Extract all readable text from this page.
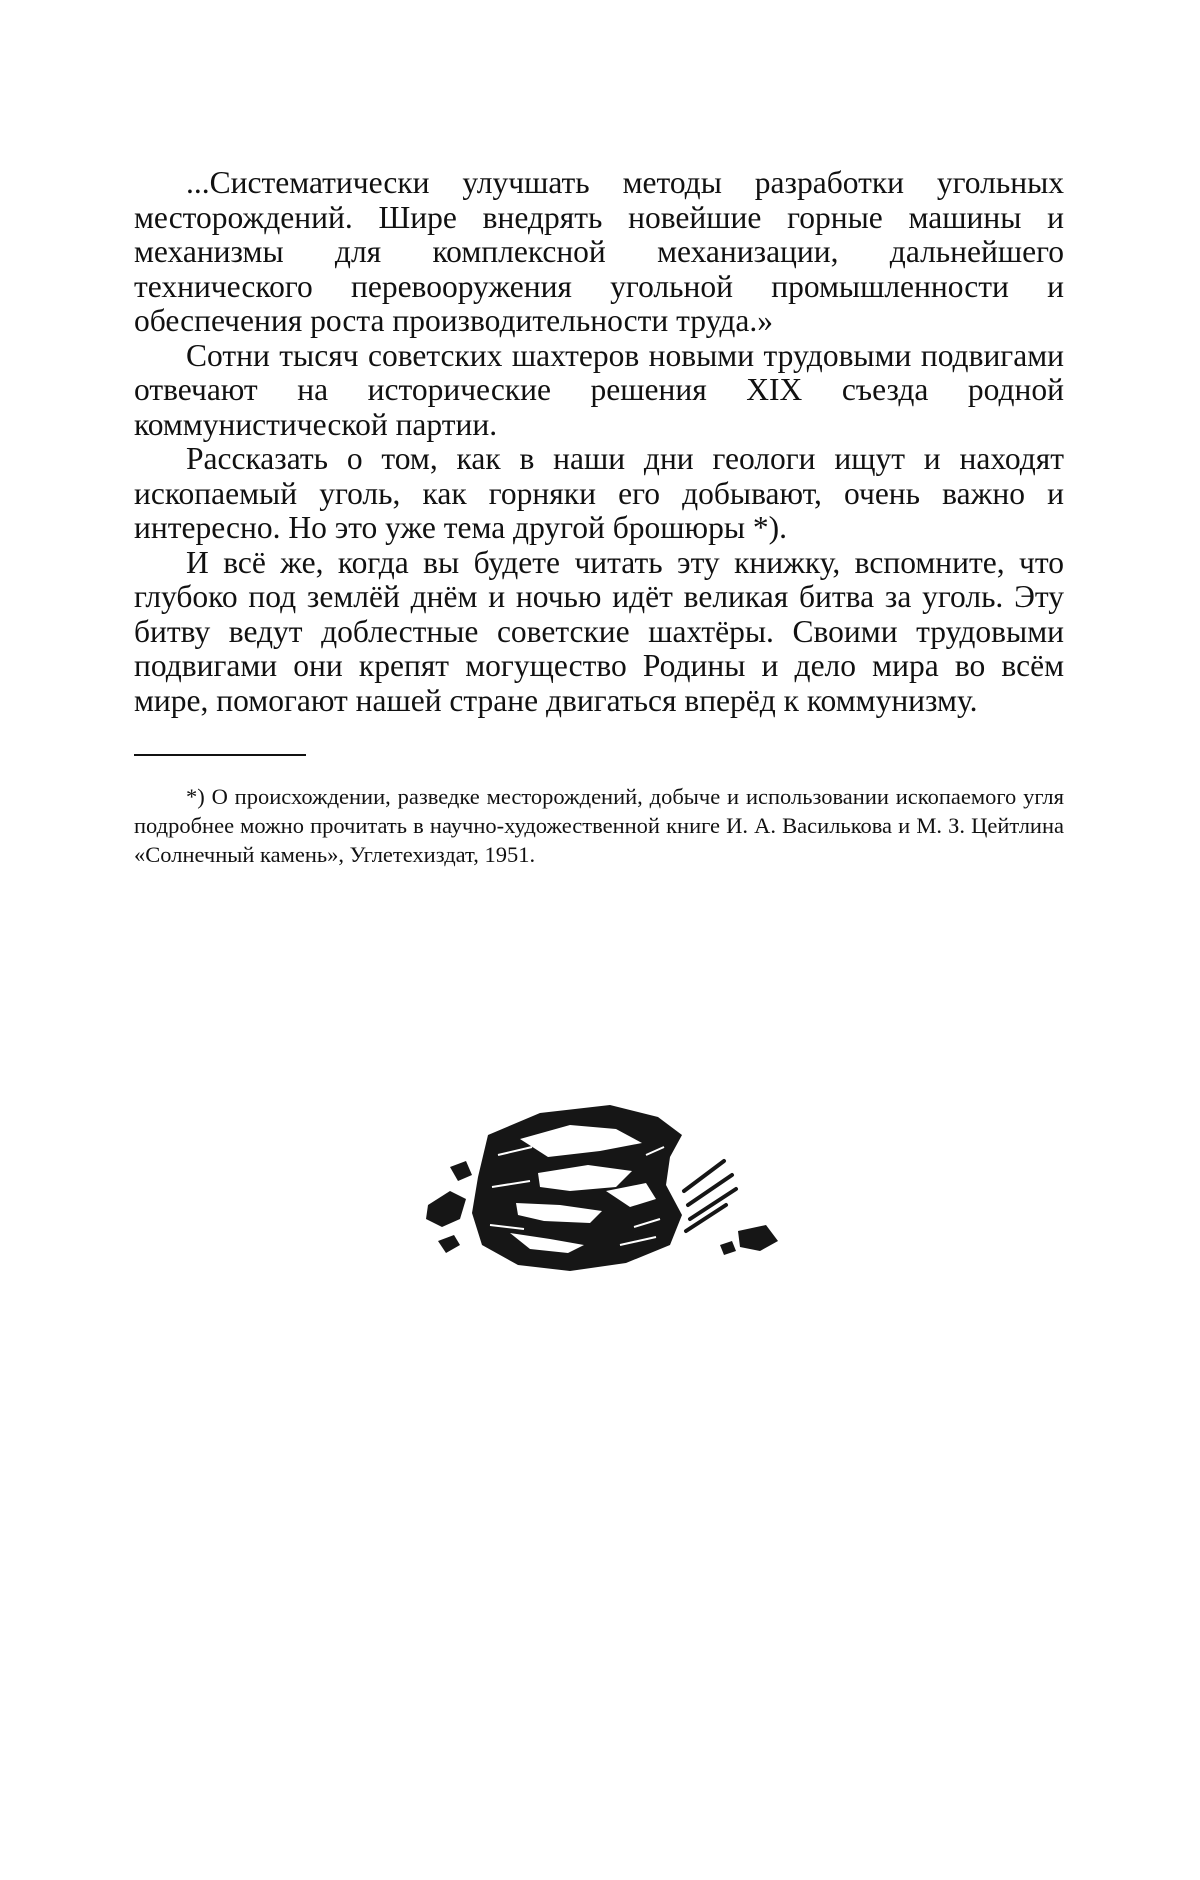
...Систематически улучшать методы разработки угольных месторождений. Шире внедрять новейшие горные машины и механизмы для комплексной механизации, дальнейшего технического перевооружения угольной промышленности и обеспечения роста производительности труда.»

Сотни тысяч советских шахтеров новыми трудовыми подвигами отвечают на исторические решения XIX съезда родной коммунистической партии.

Рассказать о том, как в наши дни геологи ищут и находят ископаемый уголь, как горняки его добывают, очень важно и интересно. Но это уже тема другой брошюры *).

И всё же, когда вы будете читать эту книжку, вспомните, что глубоко под землёй днём и ночью идёт великая битва за уголь. Эту битву ведут доблестные советские шахтёры. Своими трудовыми подвигами они крепят могущество Родины и дело мира во всём мире, помогают нашей стране двигаться вперёд к коммунизму.

*) О происхождении, разведке месторождений, добыче и использовании ископаемого угля подробнее можно прочитать в научно-художественной книге И. А. Василькова и М. З. Цейтлина «Солнечный камень», Углетехиздат, 1951.
